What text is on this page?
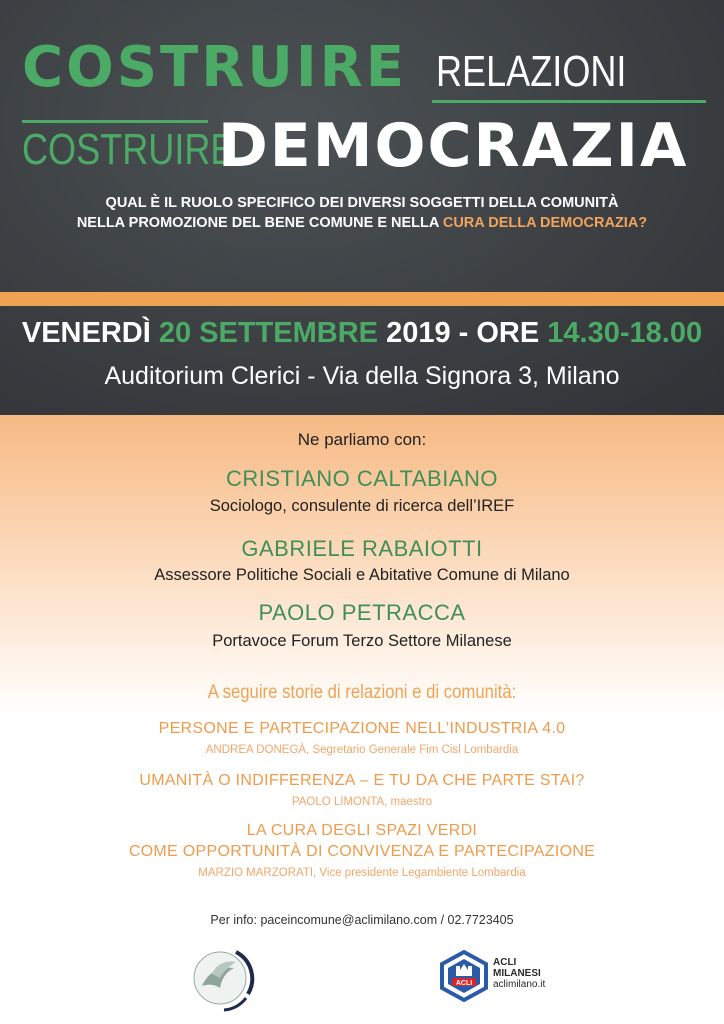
COSTRUIRE RELAZIONI
COSTRUIRE
DEMOCRAZIA
QUAL È IL RUOLO SPECIFICO DEI DIVERSI SOGGETTI DELLA COMUNITÀ
NELLA PROMOZIONE DEL BENE COMUNE E NELLA CURA DELLA DEMOCRAZIA?
VENERDÌ 20 SETTEMBRE 2019 - ORE 14.30-18.00
Auditorium Clerici - Via della Signora 3, Milano
Ne parliamo con:
CRISTIANO CALTABIANO
Sociologo, consulente di ricerca dell’IREF
GABRIELE RABAIOTTI
Assessore Politiche Sociali e Abitative Comune di Milano
PAOLO PETRACCA
Portavoce Forum Terzo Settore Milanese
A seguire storie di relazioni e di comunità:
PERSONE E PARTECIPAZIONE NELL’INDUSTRIA 4.0
ANDREA DONEGÀ, Segretario Generale Fim Cisl Lombardia
UMANITÀ O INDIFFERENZA – E TU DA CHE PARTE STAI?
PAOLO LIMONTA, maestro
LA CURA DEGLI SPAZI VERDI
COME OPPORTUNITÀ DI CONVIVENZA E PARTECIPAZIONE
MARZIO MARZORATI, Vice presidente Legambiente Lombardia
Per info: paceincomune@aclimilano.com / 02.7723405
ACLI
ACLI
MILANESI
aclimilano.it
